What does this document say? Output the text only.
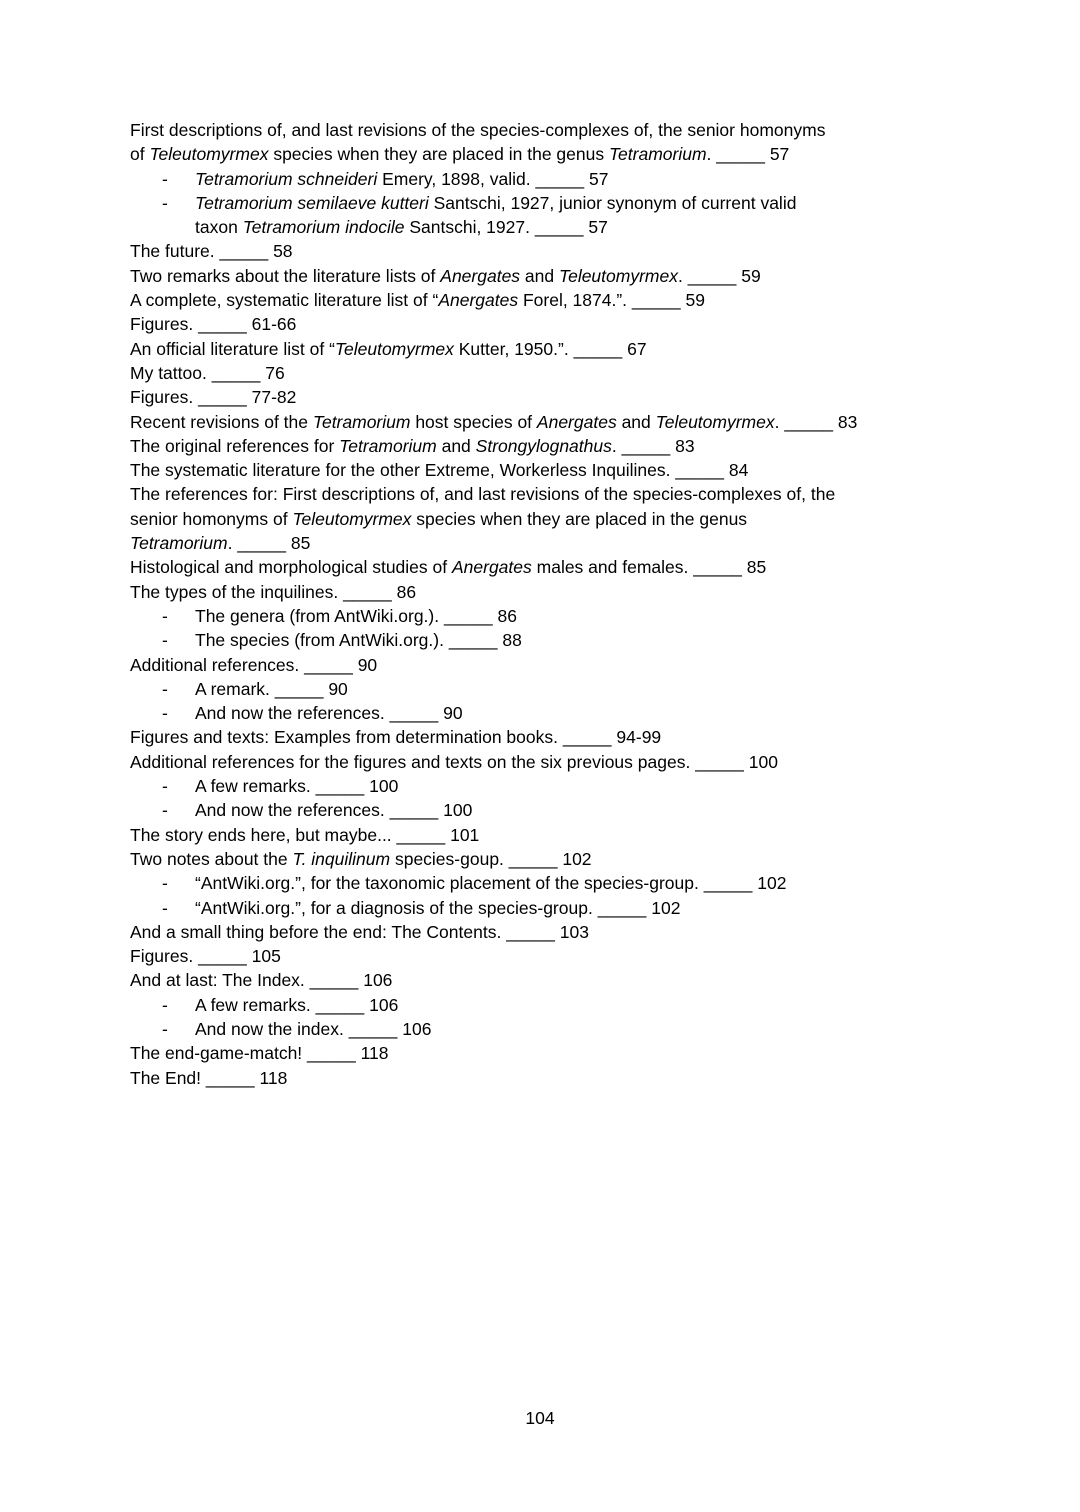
First descriptions of, and last revisions of the species-complexes of, the senior homonyms
of Teleutomyrmex species when they are placed in the genus Tetramorium. _____ 57
- Tetramorium schneideri Emery, 1898, valid. _____ 57
- Tetramorium semilaeve kutteri Santschi, 1927, junior synonym of current valid
taxon Tetramorium indocile Santschi, 1927. _____ 57
The future. _____ 58
Two remarks about the literature lists of Anergates and Teleutomyrmex. _____ 59
A complete, systematic literature list of “Anergates Forel, 1874.”. _____ 59
Figures. _____ 61-66
An official literature list of “Teleutomyrmex Kutter, 1950.”. _____ 67
My tattoo. _____ 76
Figures. _____ 77-82
Recent revisions of the Tetramorium host species of Anergates and Teleutomyrmex. _____ 83
The original references for Tetramorium and Strongylognathus. _____ 83
The systematic literature for the other Extreme, Workerless Inquilines. _____ 84
The references for: First descriptions of, and last revisions of the species-complexes of, the
senior homonyms of Teleutomyrmex species when they are placed in the genus
Tetramorium. _____ 85
Histological and morphological studies of Anergates males and females. _____ 85
The types of the inquilines. _____ 86
- The genera (from AntWiki.org.). _____ 86
- The species (from AntWiki.org.). _____ 88
Additional references. _____ 90
- A remark. _____ 90
- And now the references. _____ 90
Figures and texts: Examples from determination books. _____ 94-99
Additional references for the figures and texts on the six previous pages. _____ 100
- A few remarks. _____ 100
- And now the references. _____ 100
The story ends here, but maybe... _____ 101
Two notes about the T. inquilinum species-goup. _____ 102
- “AntWiki.org.”, for the taxonomic placement of the species-group. _____ 102
- “AntWiki.org.”, for a diagnosis of the species-group. _____ 102
And a small thing before the end: The Contents. _____ 103
Figures. _____ 105
And at last: The Index. _____ 106
- A few remarks. _____ 106
- And now the index. _____ 106
The end-game-match! _____ 118
The End! _____ 118
104
